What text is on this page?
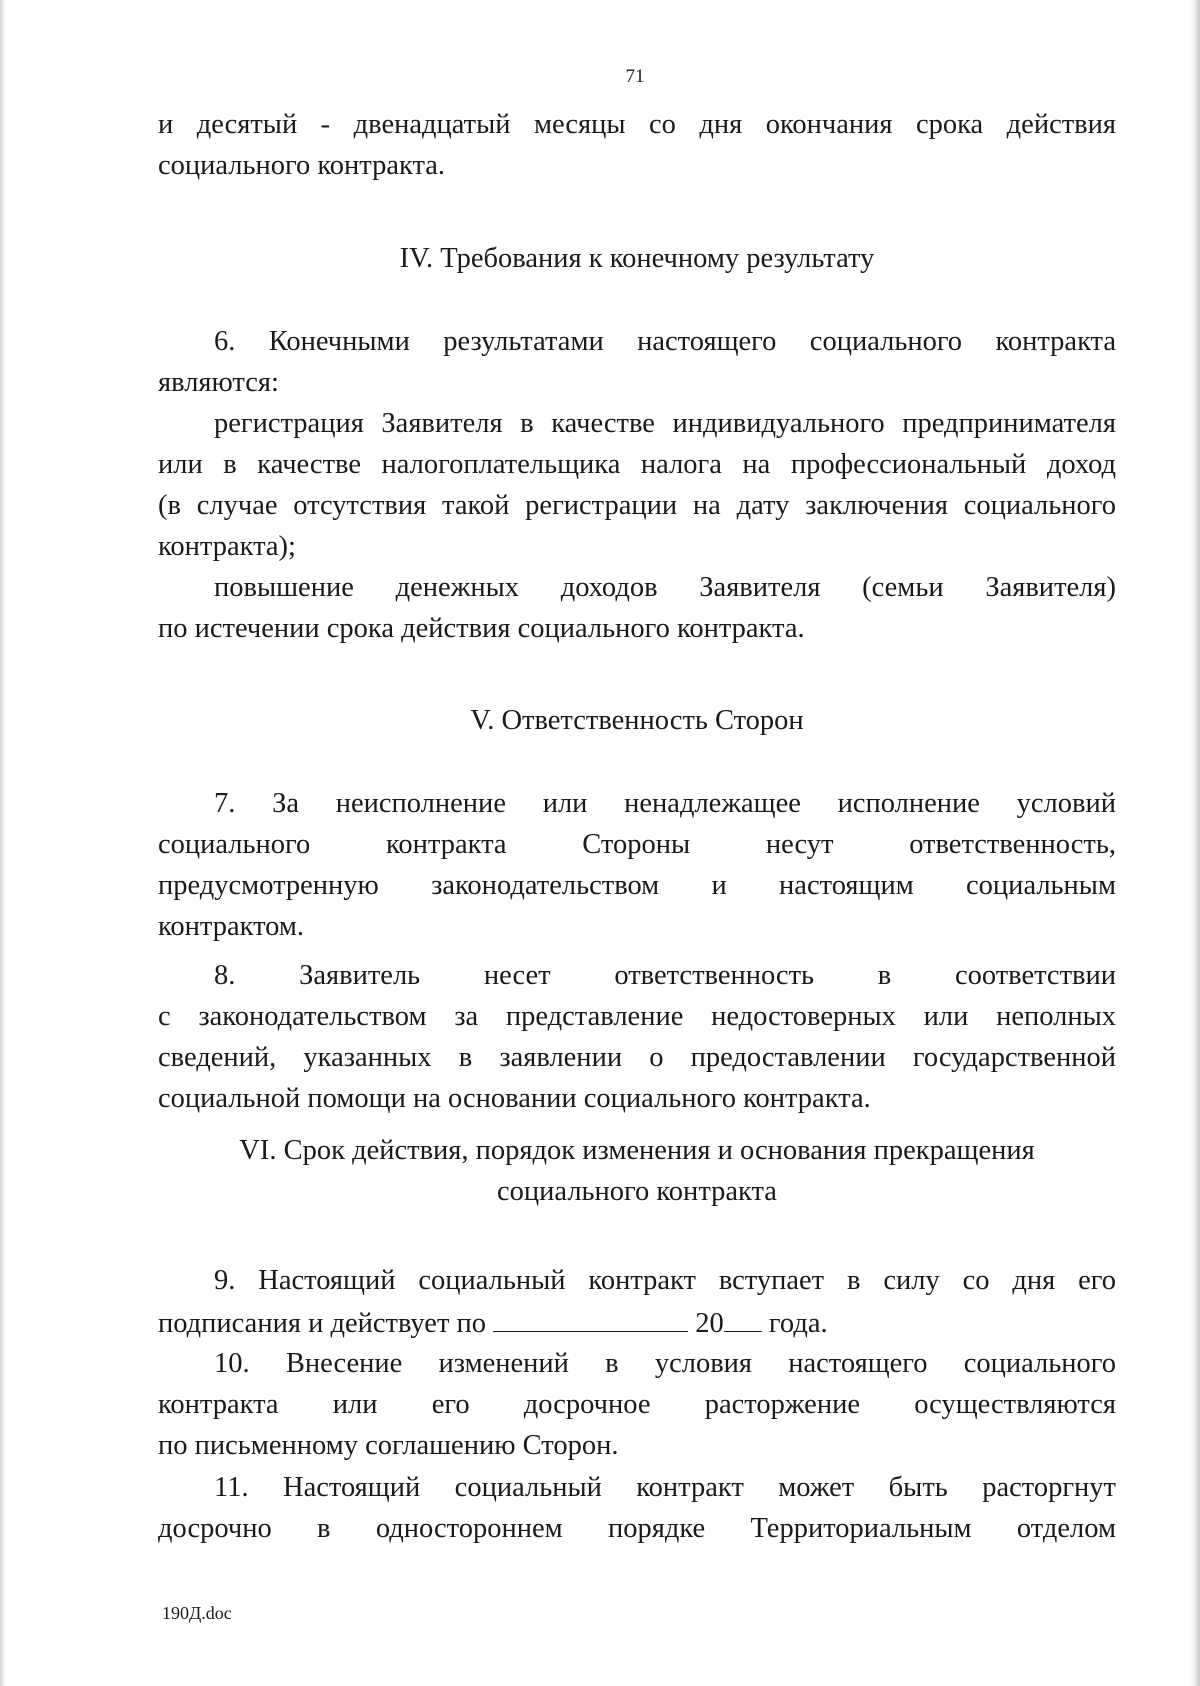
71
и десятый - двенадцатый месяцы со дня окончания срока действия
социального контракта.
IV. Требования к конечному результату
6. Конечными результатами настоящего социального контракта
являются:
регистрация Заявителя в качестве индивидуального предпринимателя
или в качестве налогоплательщика налога на профессиональный доход
(в случае отсутствия такой регистрации на дату заключения социального
контракта);
повышение денежных доходов Заявителя (семьи Заявителя)
по истечении срока действия социального контракта.
V. Ответственность Сторон
7. За неисполнение или ненадлежащее исполнение условий
социального контракта Стороны несут ответственность,
предусмотренную законодательством и настоящим социальным
контрактом.
8. Заявитель несет ответственность в соответствии
с законодательством за представление недостоверных или неполных
сведений, указанных в заявлении о предоставлении государственной
социальной помощи на основании социального контракта.
VI. Срок действия, порядок изменения и основания прекращения
социального контракта
9. Настоящий социальный контракт вступает в силу со дня его
подписания и действует по	20 года.
10. Внесение изменений в условия настоящего социального
контракта или его досрочное расторжение осуществляются
по письменному соглашению Сторон.
11. Настоящий социальный контракт может быть расторгнут
досрочно в одностороннем порядке Территориальным отделом
190Д.doc
